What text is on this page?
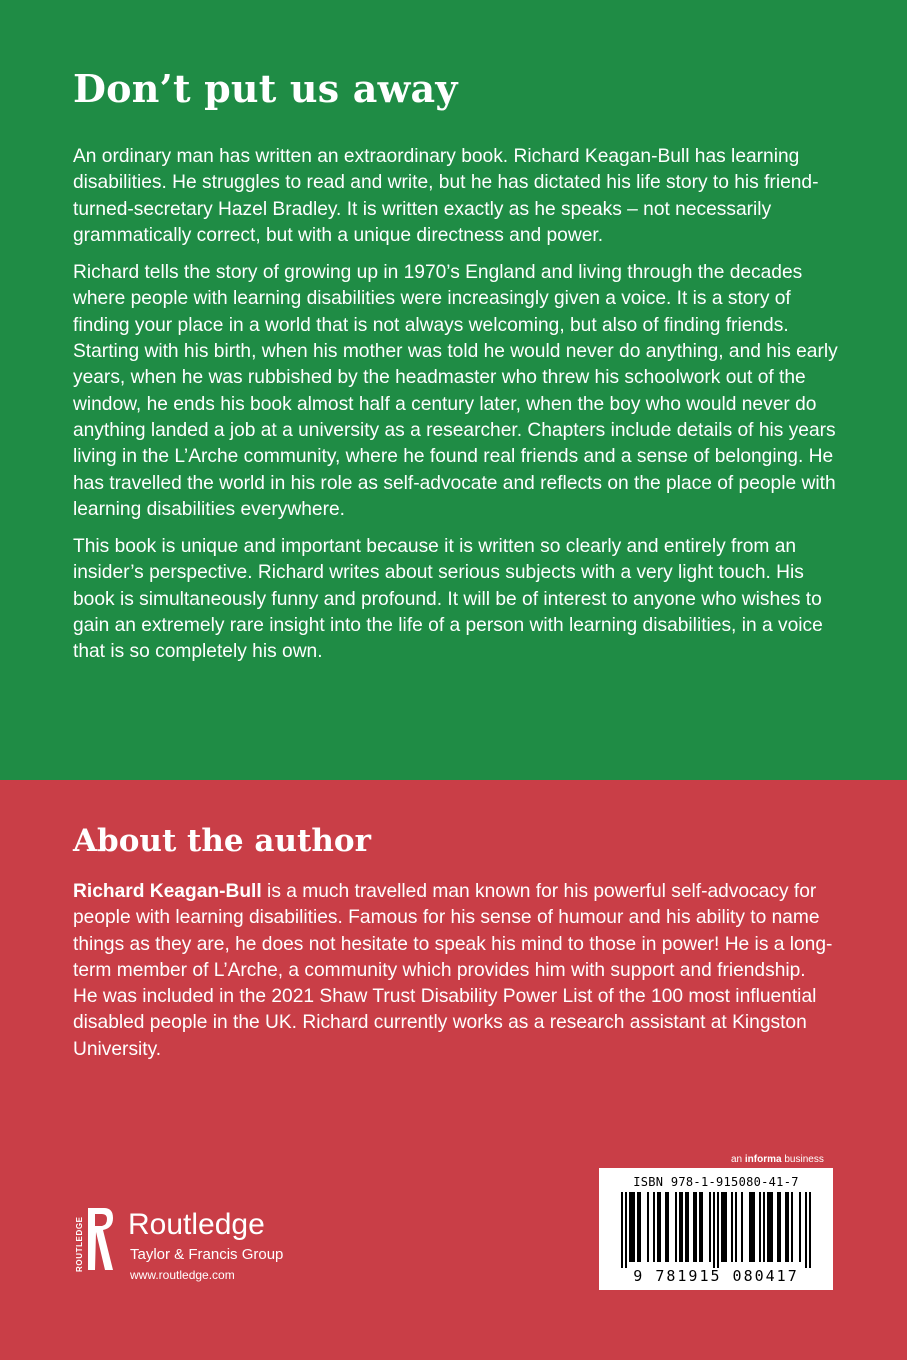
Don’t put us away

An ordinary man has written an extraordinary book. Richard Keagan-Bull has learning disabilities. He struggles to read and write, but he has dictated his life story to his friend-turned-secretary Hazel Bradley. It is written exactly as he speaks – not necessarily grammatically correct, but with a unique directness and power.

Richard tells the story of growing up in 1970’s England and living through the decades where people with learning disabilities were increasingly given a voice. It is a story of finding your place in a world that is not always welcoming, but also of finding friends. Starting with his birth, when his mother was told he would never do anything, and his early years, when he was rubbished by the headmaster who threw his schoolwork out of the window, he ends his book almost half a century later, when the boy who would never do anything landed a job at a university as a researcher. Chapters include details of his years living in the L’Arche community, where he found real friends and a sense of belonging. He has travelled the world in his role as self-advocate and reflects on the place of people with learning disabilities everywhere.

This book is unique and important because it is written so clearly and entirely from an insider’s perspective. Richard writes about serious subjects with a very light touch. His book is simultaneously funny and profound. It will be of interest to anyone who wishes to gain an extremely rare insight into the life of a person with learning disabilities, in a voice that is so completely his own.

About the author
Richard Keagan-Bull is a much travelled man known for his powerful self-advocacy for people with learning disabilities. Famous for his sense of humour and his ability to name things as they are, he does not hesitate to speak his mind to those in power! He is a long-term member of L’Arche, a community which provides him with support and friendship. He was included in the 2021 Shaw Trust Disability Power List of the 100 most influential disabled people in the UK. Richard currently works as a research assistant at Kingston University.
ROUTLEDGE Routledge
Taylor & Francis Group
www.routledge.com
an informa business
ISBN 978-1-915080-41-7
9 781915 080417
